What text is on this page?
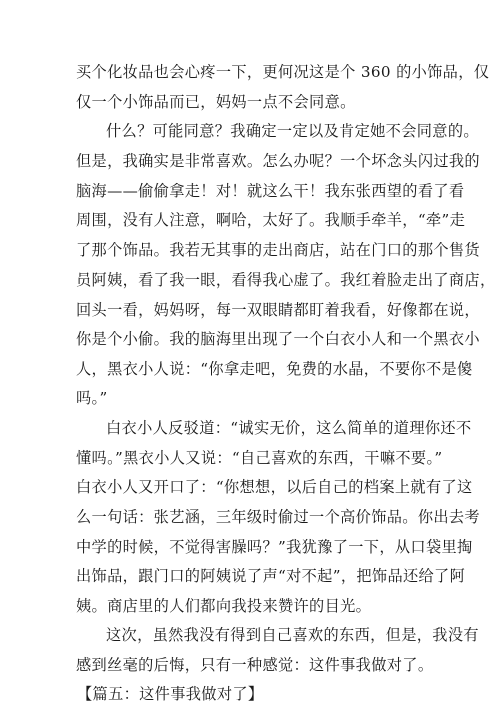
买个化妆品也会心疼一下，更何况这是个 360 的小饰品，仅
仅一个小饰品而已，妈妈一点不会同意。
什么？可能同意？我确定一定以及肯定她不会同意的。
但是，我确实是非常喜欢。怎么办呢？一个坏念头闪过我的
脑海——偷偷拿走！对！就这么干！我东张西望的看了看
周围，没有人注意，啊哈，太好了。我顺手牵羊，“牵”走
了那个饰品。我若无其事的走出商店，站在门口的那个售货
员阿姨，看了我一眼，看得我心虚了。我红着脸走出了商店，
回头一看，妈妈呀，每一双眼睛都盯着我看，好像都在说，
你是个小偷。我的脑海里出现了一个白衣小人和一个黑衣小
人，黑衣小人说：“你拿走吧，免费的水晶，不要你不是傻
吗。”
白衣小人反驳道：“诚实无价，这么简单的道理你还不
懂吗。”黑衣小人又说：“自己喜欢的东西，干嘛不要。”
白衣小人又开口了：“你想想，以后自己的档案上就有了这
么一句话：张艺涵，三年级时偷过一个高价饰品。你出去考
中学的时候，不觉得害臊吗？”我犹豫了一下，从口袋里掏
出饰品，跟门口的阿姨说了声“对不起”，把饰品还给了阿
姨。商店里的人们都向我投来赞许的目光。
这次，虽然我没有得到自己喜欢的东西，但是，我没有
感到丝毫的后悔，只有一种感觉：这件事我做对了。
【篇五：这件事我做对了】
